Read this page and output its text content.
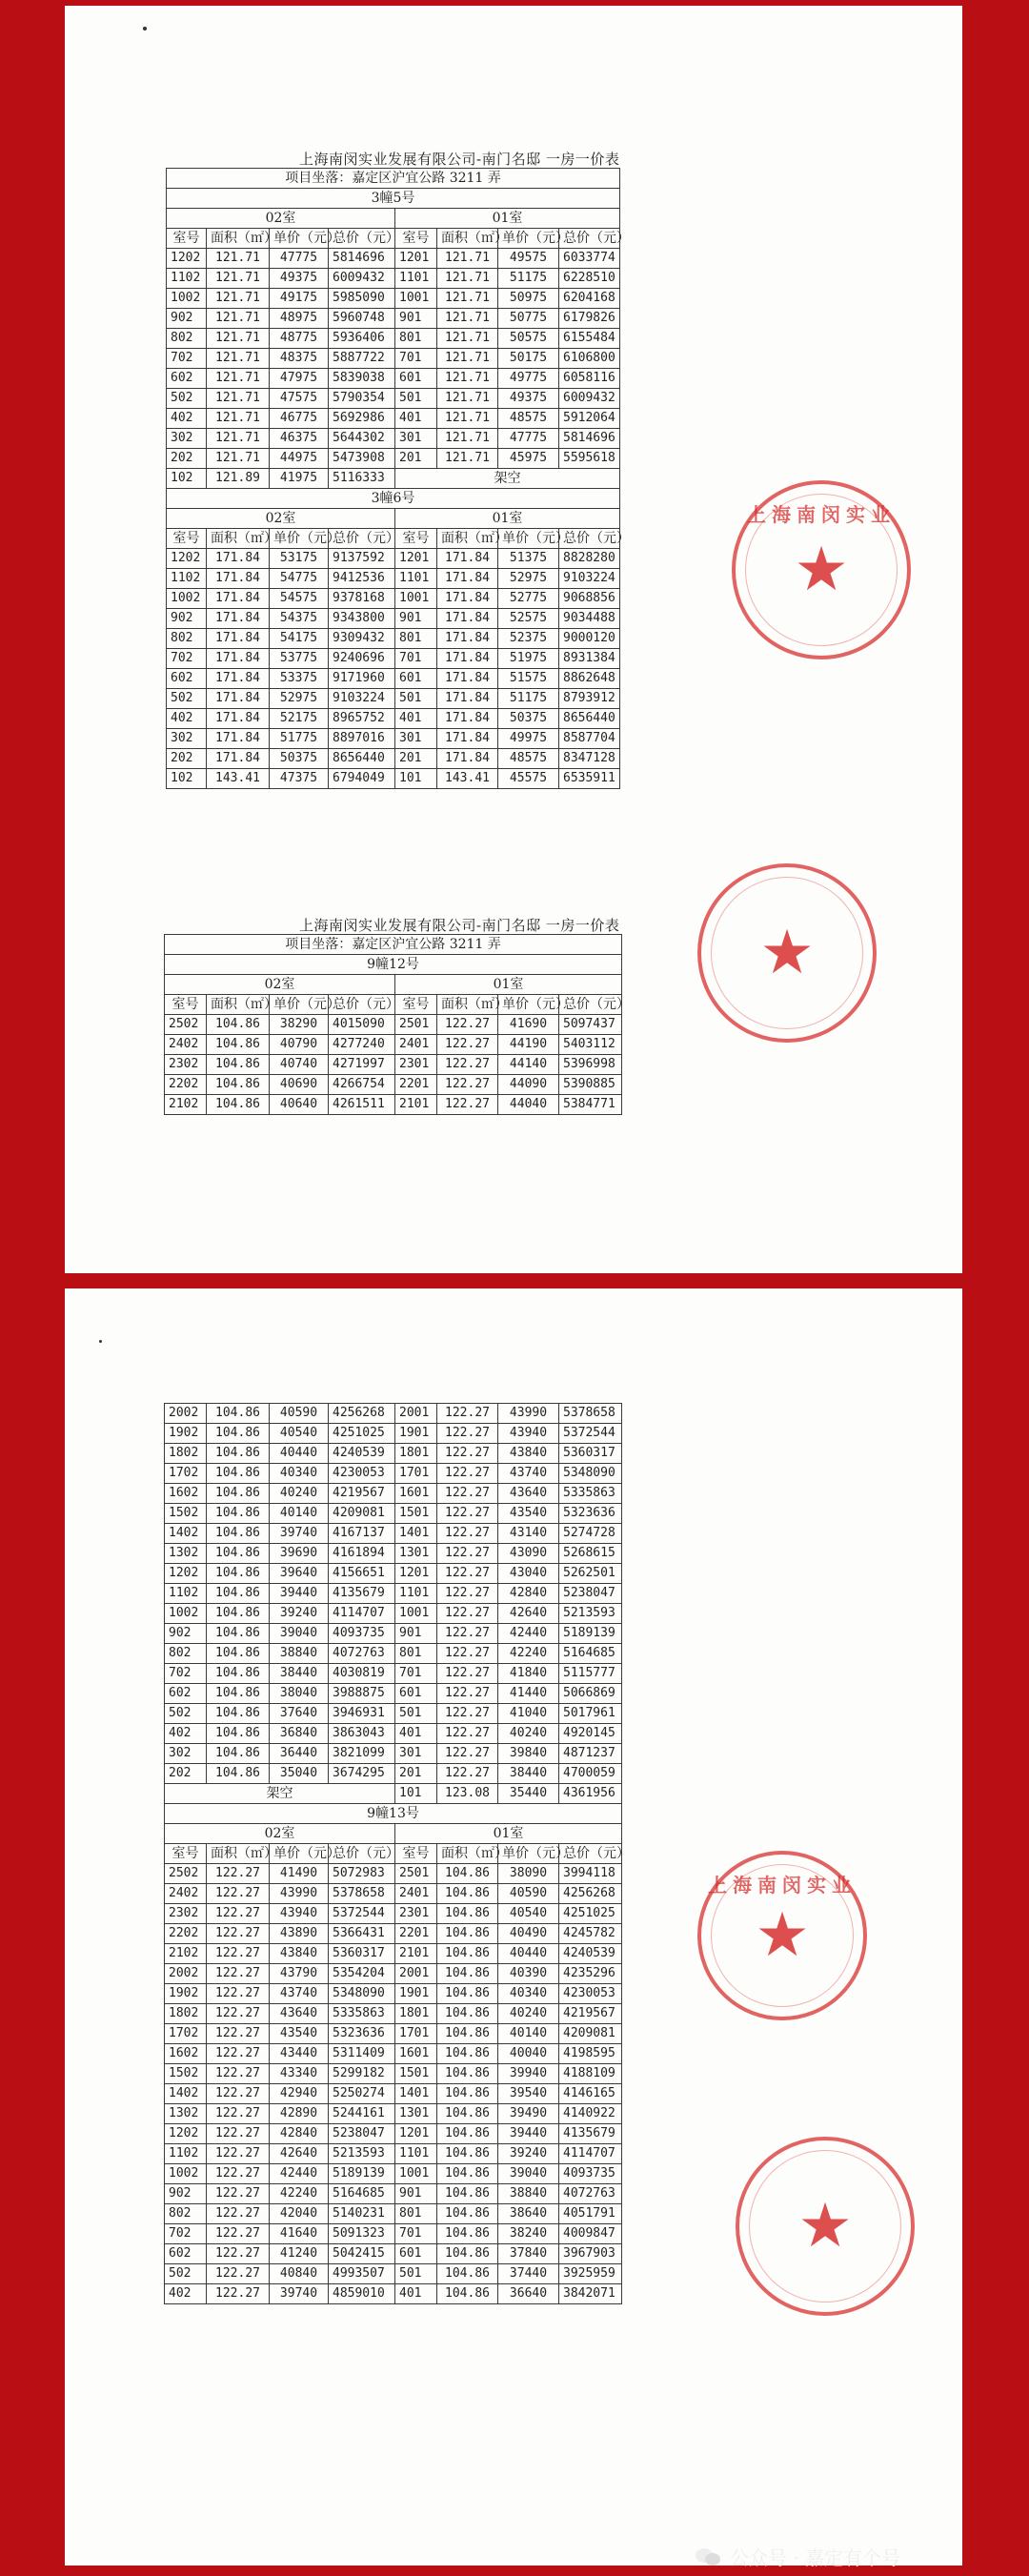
上海南闵实业发展有限公司-南门名邸 一房一价表
项目坐落：嘉定区沪宜公路 3211 弄							
3幢5号							
02室				01室			
室号	面积（㎡）	单价（元）	总价（元）	室号	面积（㎡）	单价（元）	总价（元）
1202	121.71	47775	5814696	1201	121.71	49575	6033774
1102	121.71	49375	6009432	1101	121.71	51175	6228510
1002	121.71	49175	5985090	1001	121.71	50975	6204168
902	121.71	48975	5960748	901	121.71	50775	6179826
802	121.71	48775	5936406	801	121.71	50575	6155484
702	121.71	48375	5887722	701	121.71	50175	6106800
602	121.71	47975	5839038	601	121.71	49775	6058116
502	121.71	47575	5790354	501	121.71	49375	6009432
402	121.71	46775	5692986	401	121.71	48575	5912064
302	121.71	46375	5644302	301	121.71	47775	5814696
202	121.71	44975	5473908	201	121.71	45975	5595618
102	121.89	41975	5116333	架空			
3幢6号							
02室				01室			
室号	面积（㎡）	单价（元）	总价（元）	室号	面积（㎡）	单价（元）	总价（元）
1202	171.84	53175	9137592	1201	171.84	51375	8828280
1102	171.84	54775	9412536	1101	171.84	52975	9103224
1002	171.84	54575	9378168	1001	171.84	52775	9068856
902	171.84	54375	9343800	901	171.84	52575	9034488
802	171.84	54175	9309432	801	171.84	52375	9000120
702	171.84	53775	9240696	701	171.84	51975	8931384
602	171.84	53375	9171960	601	171.84	51575	8862648
502	171.84	52975	9103224	501	171.84	51175	8793912
402	171.84	52175	8965752	401	171.84	50375	8656440
302	171.84	51775	8897016	301	171.84	49975	8587704
202	171.84	50375	8656440	201	171.84	48575	8347128
102	143.41	47375	6794049	101	143.41	45575	6535911
上海南闵实业发展有限公司-南门名邸 一房一价表
项目坐落：嘉定区沪宜公路 3211 弄							
9幢12号							
02室				01室			
室号	面积（㎡）	单价（元）	总价（元）	室号	面积（㎡）	单价（元）	总价（元）
2502	104.86	38290	4015090	2501	122.27	41690	5097437
2402	104.86	40790	4277240	2401	122.27	44190	5403112
2302	104.86	40740	4271997	2301	122.27	44140	5396998
2202	104.86	40690	4266754	2201	122.27	44090	5390885
2102	104.86	40640	4261511	2101	122.27	44040	5384771
上海南闵实业
★
★
2002	104.86	40590	4256268	2001	122.27	43990	5378658
1902	104.86	40540	4251025	1901	122.27	43940	5372544
1802	104.86	40440	4240539	1801	122.27	43840	5360317
1702	104.86	40340	4230053	1701	122.27	43740	5348090
1602	104.86	40240	4219567	1601	122.27	43640	5335863
1502	104.86	40140	4209081	1501	122.27	43540	5323636
1402	104.86	39740	4167137	1401	122.27	43140	5274728
1302	104.86	39690	4161894	1301	122.27	43090	5268615
1202	104.86	39640	4156651	1201	122.27	43040	5262501
1102	104.86	39440	4135679	1101	122.27	42840	5238047
1002	104.86	39240	4114707	1001	122.27	42640	5213593
902	104.86	39040	4093735	901	122.27	42440	5189139
802	104.86	38840	4072763	801	122.27	42240	5164685
702	104.86	38440	4030819	701	122.27	41840	5115777
602	104.86	38040	3988875	601	122.27	41440	5066869
502	104.86	37640	3946931	501	122.27	41040	5017961
402	104.86	36840	3863043	401	122.27	40240	4920145
302	104.86	36440	3821099	301	122.27	39840	4871237
202	104.86	35040	3674295	201	122.27	38440	4700059
架空				101	123.08	35440	4361956
9幢13号							
02室				01室			
室号	面积（㎡）	单价（元）	总价（元）	室号	面积（㎡）	单价（元）	总价（元）
2502	122.27	41490	5072983	2501	104.86	38090	3994118
2402	122.27	43990	5378658	2401	104.86	40590	4256268
2302	122.27	43940	5372544	2301	104.86	40540	4251025
2202	122.27	43890	5366431	2201	104.86	40490	4245782
2102	122.27	43840	5360317	2101	104.86	40440	4240539
2002	122.27	43790	5354204	2001	104.86	40390	4235296
1902	122.27	43740	5348090	1901	104.86	40340	4230053
1802	122.27	43640	5335863	1801	104.86	40240	4219567
1702	122.27	43540	5323636	1701	104.86	40140	4209081
1602	122.27	43440	5311409	1601	104.86	40040	4198595
1502	122.27	43340	5299182	1501	104.86	39940	4188109
1402	122.27	42940	5250274	1401	104.86	39540	4146165
1302	122.27	42890	5244161	1301	104.86	39490	4140922
1202	122.27	42840	5238047	1201	104.86	39440	4135679
1102	122.27	42640	5213593	1101	104.86	39240	4114707
1002	122.27	42440	5189139	1001	104.86	39040	4093735
902	122.27	42240	5164685	901	104.86	38840	4072763
802	122.27	42040	5140231	801	104.86	38640	4051791
702	122.27	41640	5091323	701	104.86	38240	4009847
602	122.27	41240	5042415	601	104.86	37840	3967903
502	122.27	40840	4993507	501	104.86	37440	3925959
402	122.27	39740	4859010	401	104.86	36640	3842071
上海南闵实业
★
★
公众号 · 嘉定有个号
